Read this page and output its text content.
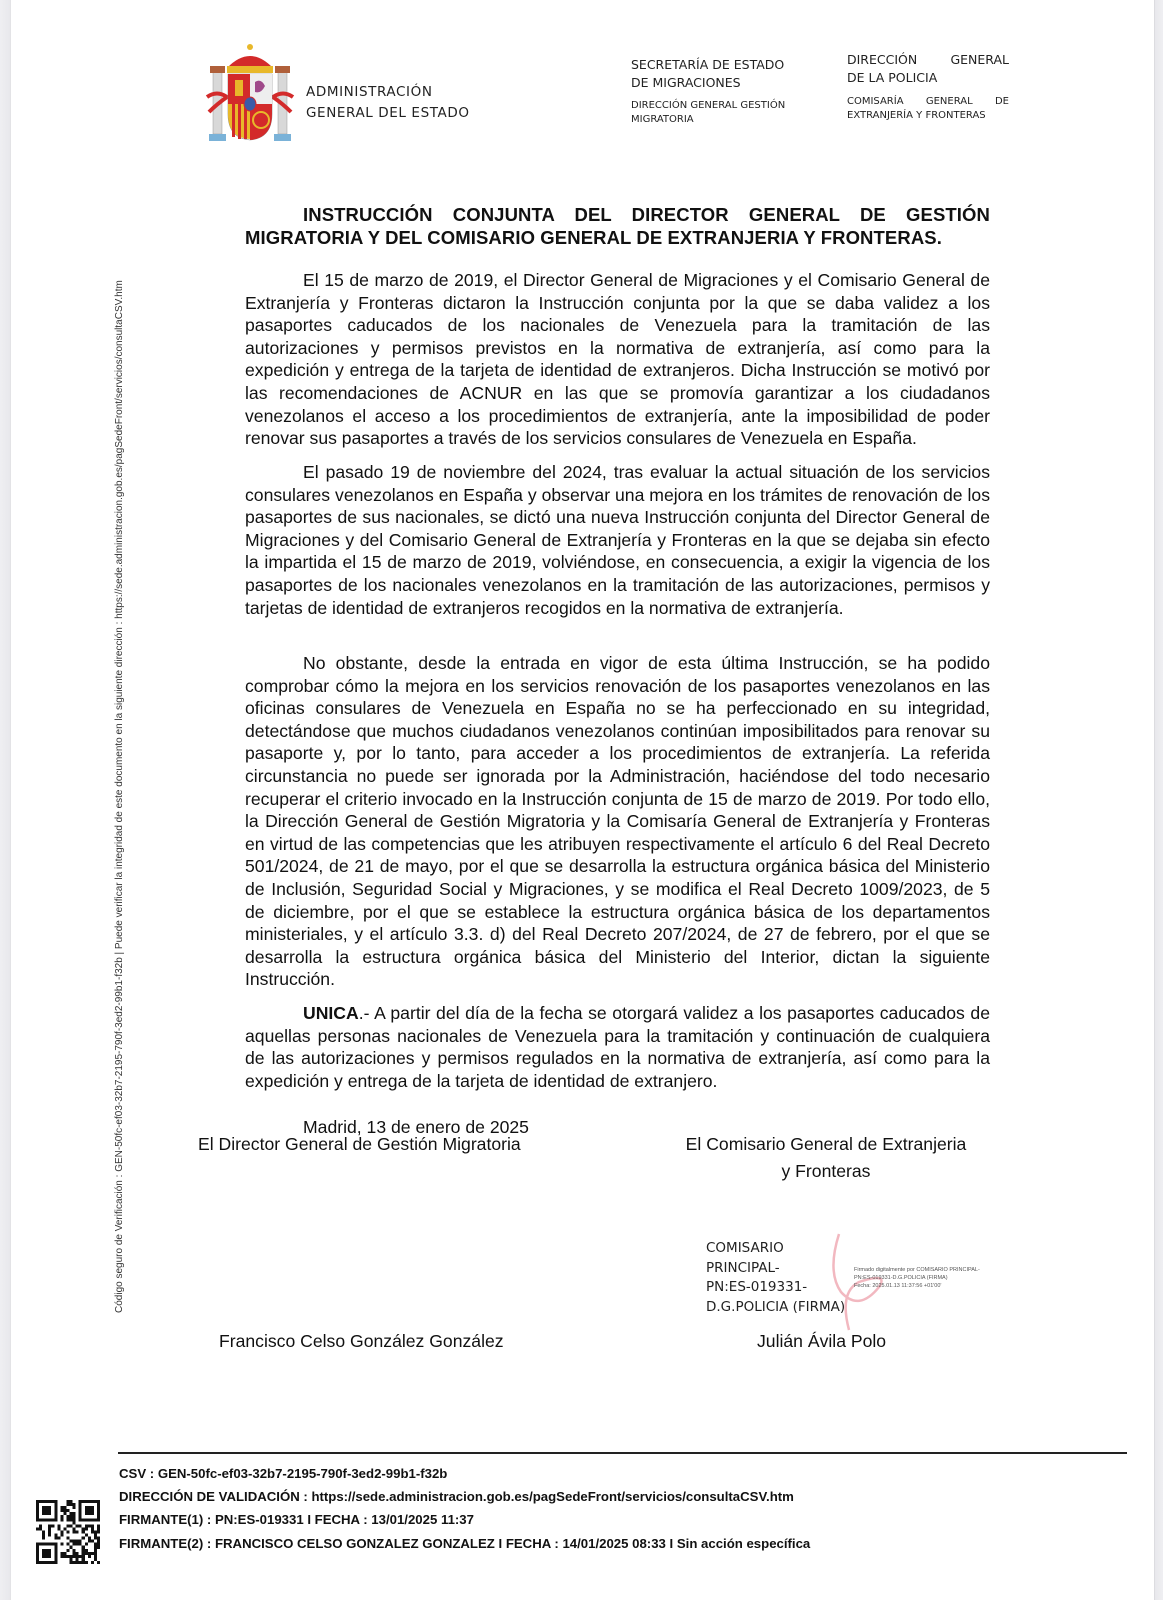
ADMINISTRACIÓN
GENERAL DEL ESTADO
SECRETARÍA DE ESTADO
DE MIGRACIONES
DIRECCIÓN GENERAL GESTIÓN
MIGRATORIA
DIRECCIÓN GENERAL
DE LA POLICIA
COMISARÍA GENERAL DE
EXTRANJERÍA Y FRONTERAS
Código seguro de Verificación : GEN-50fc-ef03-32b7-2195-790f-3ed2-99b1-f32b | Puede verificar la integridad de este documento en la siguiente dirección : https://sede.administracion.gob.es/pagSedeFront/servicios/consultaCSV.htm
INSTRUCCIÓN CONJUNTA DEL DIRECTOR GENERAL DE GESTIÓN
MIGRATORIA Y DEL COMISARIO GENERAL DE EXTRANJERIA Y FRONTERAS.

El 15 de marzo de 2019, el Director General de Migraciones y el Comisario General de Extranjería y Fronteras dictaron la Instrucción conjunta por la que se daba validez a los pasaportes caducados de los nacionales de Venezuela para la tramitación de las autorizaciones y permisos previstos en la normativa de extranjería, así como para la expedición y entrega de la tarjeta de identidad de extranjeros. Dicha Instrucción se motivó por las recomendaciones de ACNUR en las que se promovía garantizar a los ciudadanos venezolanos el acceso a los procedimientos de extranjería, ante la imposibilidad de poder renovar sus pasaportes a través de los servicios consulares de Venezuela en España.

El pasado 19 de noviembre del 2024, tras evaluar la actual situación de los servicios consulares venezolanos en España y observar una mejora en los trámites de renovación de los pasaportes de sus nacionales, se dictó una nueva Instrucción conjunta del Director General de Migraciones y del Comisario General de Extranjería y Fronteras en la que se dejaba sin efecto la impartida el 15 de marzo de 2019, volviéndose, en consecuencia, a exigir la vigencia de los pasaportes de los nacionales venezolanos en la tramitación de las autorizaciones, permisos y tarjetas de identidad de extranjeros recogidos en la normativa de extranjería.

No obstante, desde la entrada en vigor de esta última Instrucción, se ha podido comprobar cómo la mejora en los servicios renovación de los pasaportes venezolanos en las oficinas consulares de Venezuela en España no se ha perfeccionado en su integridad, detectándose que muchos ciudadanos venezolanos continúan imposibilitados para renovar su pasaporte y, por lo tanto, para acceder a los procedimientos de extranjería. La referida circunstancia no puede ser ignorada por la Administración, haciéndose del todo necesario recuperar el criterio invocado en la Instrucción conjunta de 15 de marzo de 2019. Por todo ello, la Dirección General de Gestión Migratoria y la Comisaría General de Extranjería y Fronteras en virtud de las competencias que les atribuyen respectivamente el artículo 6 del Real Decreto 501/2024, de 21 de mayo, por el que se desarrolla la estructura orgánica básica del Ministerio de Inclusión, Seguridad Social y Migraciones, y se modifica el Real Decreto 1009/2023, de 5 de diciembre, por el que se establece la estructura orgánica básica de los departamentos ministeriales, y el artículo 3.3. d) del Real Decreto 207/2024, de 27 de febrero, por el que se desarrolla la estructura orgánica básica del Ministerio del Interior, dictan la siguiente Instrucción.

UNICA.- A partir del día de la fecha se otorgará validez a los pasaportes caducados de aquellas personas nacionales de Venezuela para la tramitación y continuación de cualquiera de las autorizaciones y permisos regulados en la normativa de extranjería, así como para la expedición y entrega de la tarjeta de identidad de extranjero.

Madrid, 13 de enero de 2025
El Director General de Gestión Migratoria	El Comisario General de Extranjeria
y Fronteras
COMISARIO
PRINCIPAL-
PN:ES-019331-
D.G.POLICIA (FIRMA)
Firmado digitalmente por COMISARIO PRINCIPAL-
PN:ES-019331-D.G.POLICIA (FIRMA)
Fecha: 2025.01.13 11:37:56 +01'00'
Francisco Celso González González	Julián Ávila Polo
CSV : GEN-50fc-ef03-32b7-2195-790f-3ed2-99b1-f32b
DIRECCIÓN DE VALIDACIÓN : https://sede.administracion.gob.es/pagSedeFront/servicios/consultaCSV.htm
FIRMANTE(1) : PN:ES-019331 I FECHA : 13/01/2025 11:37
FIRMANTE(2) : FRANCISCO CELSO GONZALEZ GONZALEZ I FECHA : 14/01/2025 08:33 I Sin acción específica
